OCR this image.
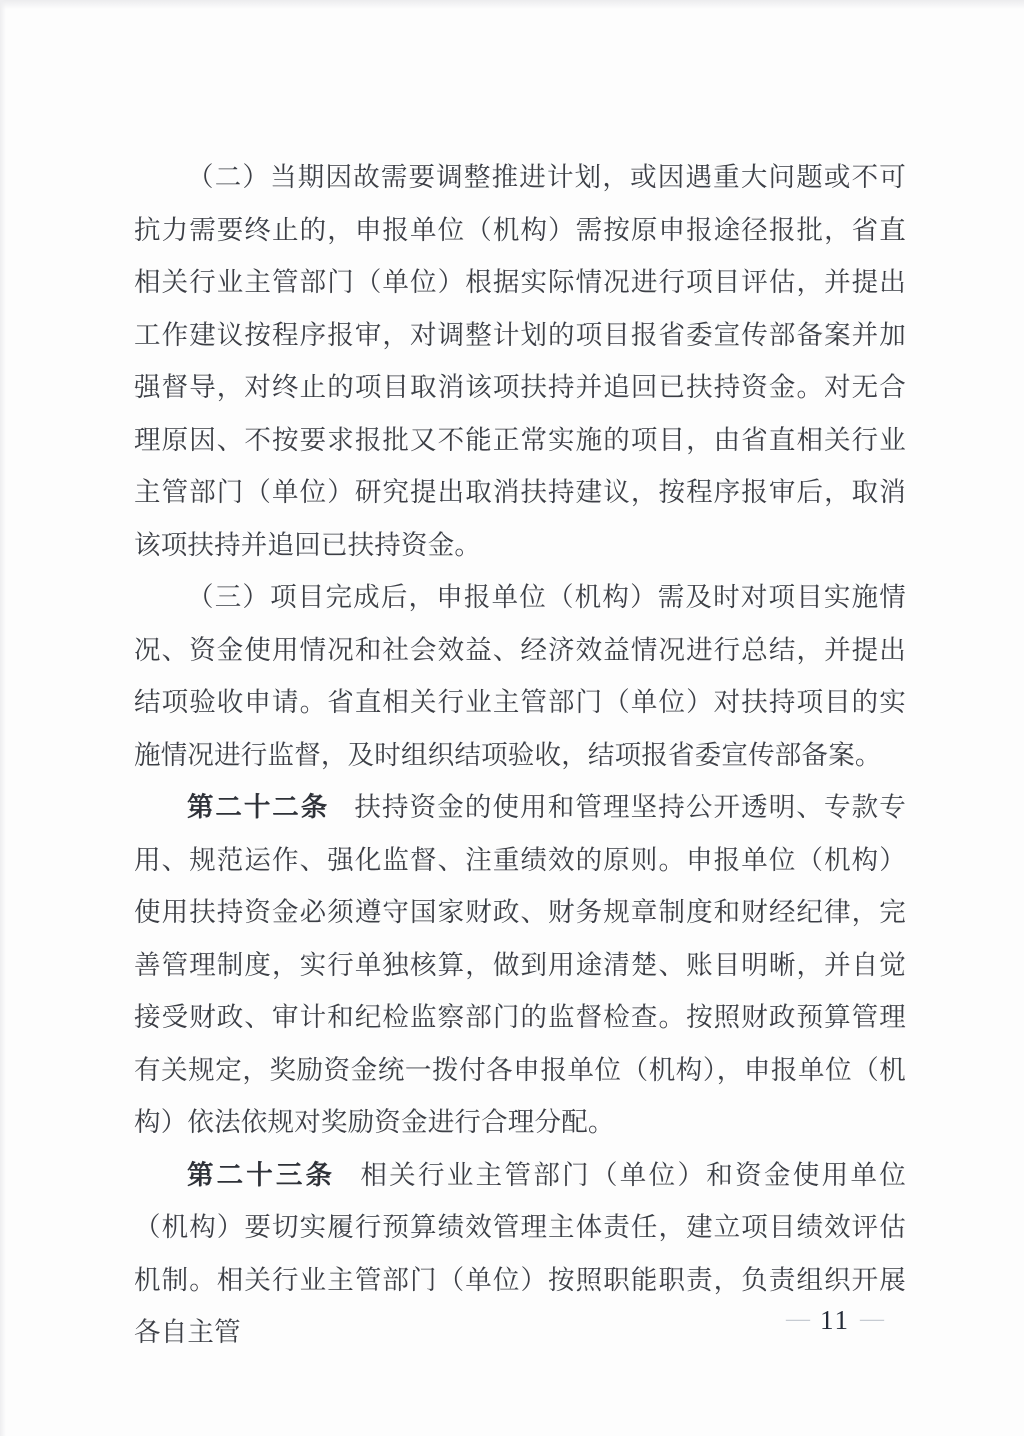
（二）当期因故需要调整推进计划，或因遇重大问题或不可抗力需要终止的，申报单位（机构）需按原申报途径报批，省直相关行业主管部门（单位）根据实际情况进行项目评估，并提出工作建议按程序报审，对调整计划的项目报省委宣传部备案并加强督导，对终止的项目取消该项扶持并追回已扶持资金。对无合理原因、不按要求报批又不能正常实施的项目，由省直相关行业主管部门（单位）研究提出取消扶持建议，按程序报审后，取消该项扶持并追回已扶持资金。

（三）项目完成后，申报单位（机构）需及时对项目实施情况、资金使用情况和社会效益、经济效益情况进行总结，并提出结项验收申请。省直相关行业主管部门（单位）对扶持项目的实施情况进行监督，及时组织结项验收，结项报省委宣传部备案。

第二十二条 扶持资金的使用和管理坚持公开透明、专款专用、规范运作、强化监督、注重绩效的原则。申报单位（机构）使用扶持资金必须遵守国家财政、财务规章制度和财经纪律，完善管理制度，实行单独核算，做到用途清楚、账目明晰，并自觉接受财政、审计和纪检监察部门的监督检查。按照财政预算管理有关规定，奖励资金统一拨付各申报单位（机构），申报单位（机构）依法依规对奖励资金进行合理分配。

第二十三条 相关行业主管部门（单位）和资金使用单位（机构）要切实履行预算绩效管理主体责任，建立项目绩效评估机制。相关行业主管部门（单位）按照职能职责，负责组织开展各自主管	— 11 —
